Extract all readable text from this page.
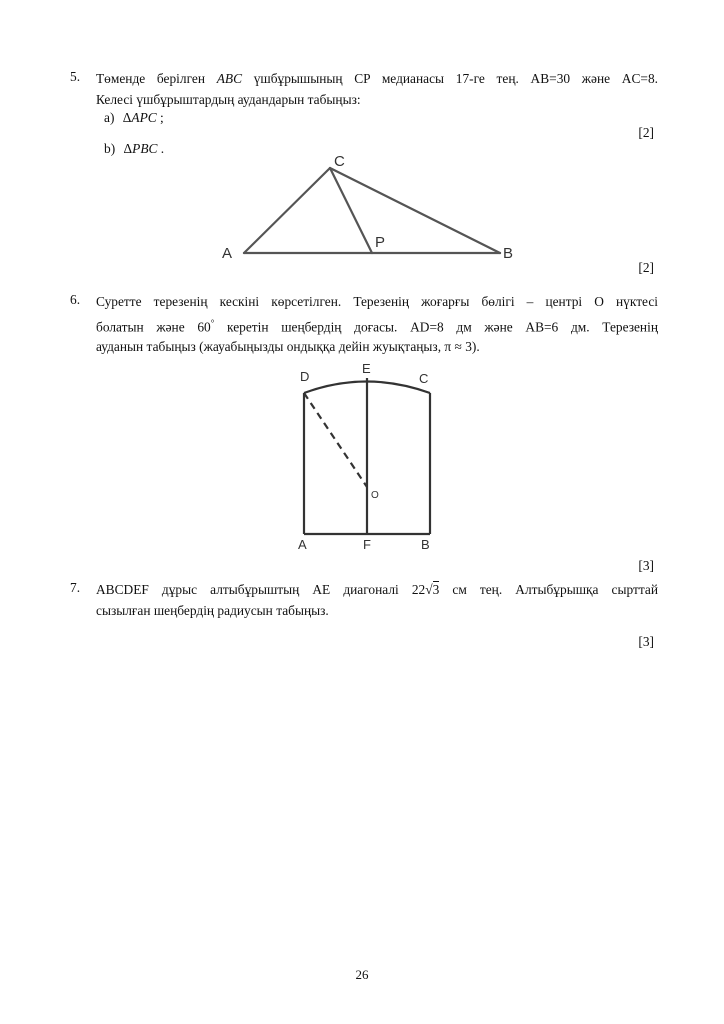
5. Төменде берілген ABC үшбұрышының CP медианасы 17-ге тең. AB=30 және AC=8.
Келесі үшбұрыштардың аудандарын табыңыз:
a) ΔAPC ;
[2]
b) ΔPBC .
C
A
P
B
[2]
6. Суретте терезенің кескіні көрсетілген. Терезенің жоғарғы бөлігі – центрі О нүктесі
болатын және 60° керетін шеңбердің доғасы. AD=8 дм және AB=6 дм. Терезенің
ауданын табыңыз (жауабыңызды ондыққа дейін жуықтаңыз, π ≈ 3).
D
E
C
O
A	F	B
[3]
7. ABCDEF дұрыс алтыбұрыштың AE диагоналі 22√3 см тең. Алтыбұрышқа сырттай
сызылған шеңбердің радиусын табыңыз.
[3]
26
